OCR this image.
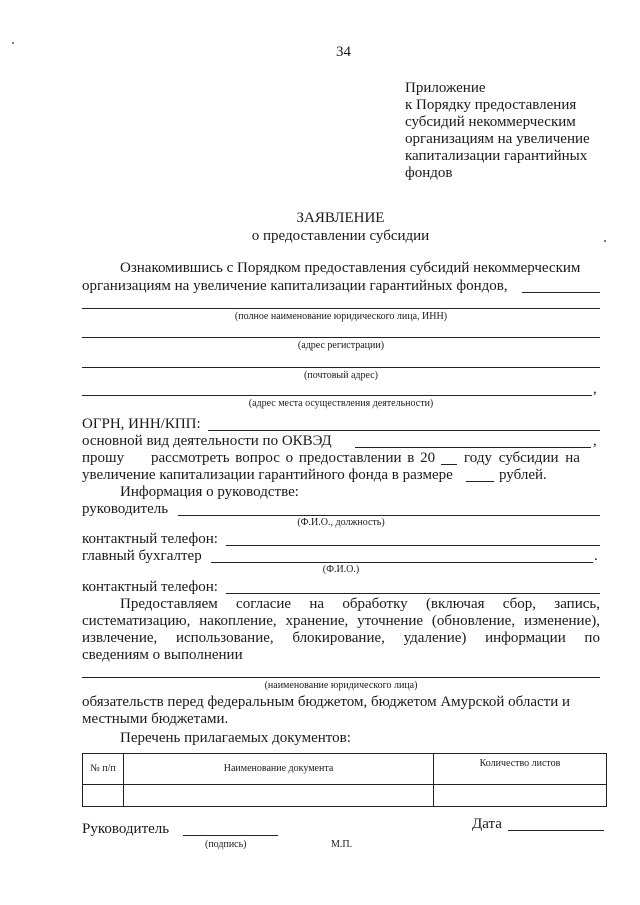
34
Приложение
к Порядку предоставления
субсидий некоммерческим
организациям на увеличение
капитализации гарантийных
фондов
ЗАЯВЛЕНИЕ
о предоставлении субсидии
Ознакомившись с Порядком предоставления субсидий некоммерческим
организациям на увеличение капитализации гарантийных фондов,
(полное наименование юридического лица, ИНН)
(адрес регистрации)
(почтовый адрес)
,
(адрес места осуществления деятельности)
ОГРН, ИНН/КПП:
основной вид деятельности по ОКВЭД	,
прошу рассмотреть вопрос о предоставлении в 20 году субсидии на
увеличение капитализации гарантийного фонда в размере	рублей.
Информация о руководстве:
руководитель
(Ф.И.О., должность)
контактный телефон:
главный бухгалтер	.
(Ф.И.О.)
контактный телефон:
Предоставляем согласие на обработку (включая сбор, запись,
систематизацию, накопление, хранение, уточнение (обновление, изменение),
извлечение, использование, блокирование, удаление) информации по
сведениям о выполнении
(наименование юридического лица)
обязательств перед федеральным бюджетом, бюджетом Амурской области и
местными бюджетами.
Перечень прилагаемых документов:
№ п/п	Наименование документа	Количество листов

Руководитель
(подпись)	М.П.
Дата
